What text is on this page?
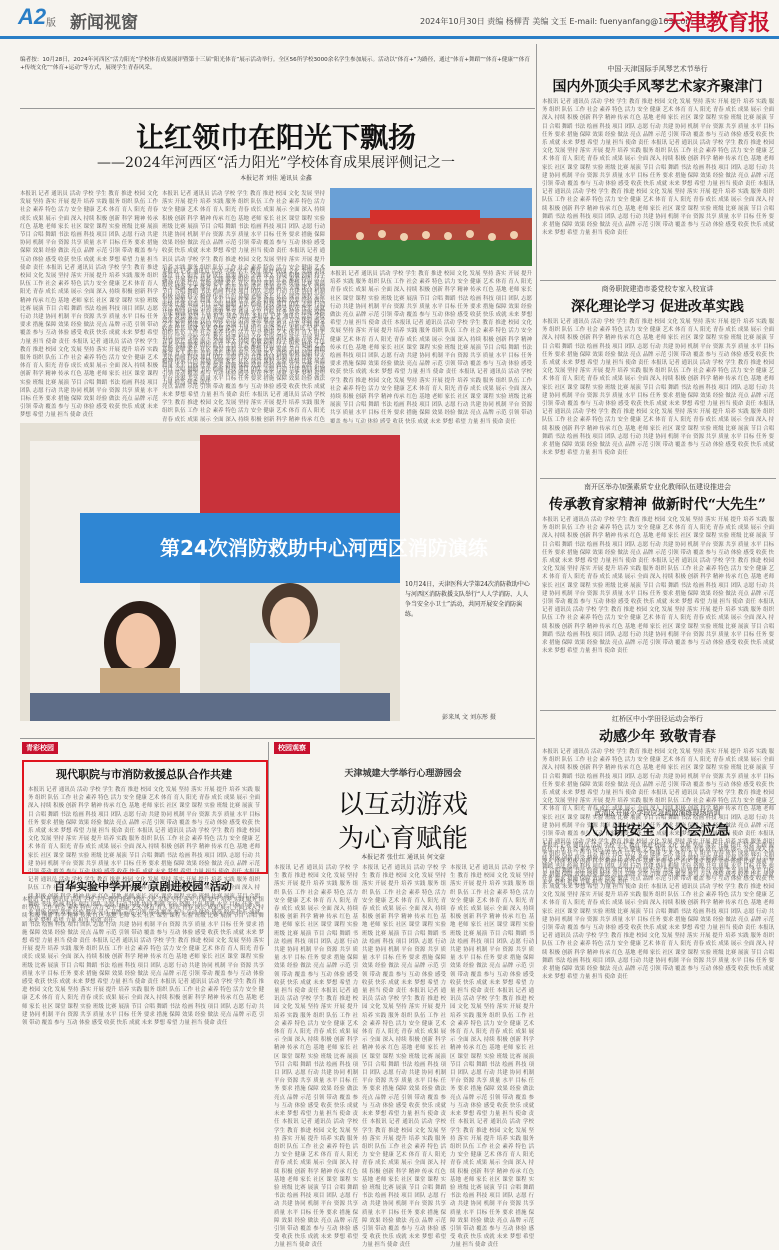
A2 版 新闻视窗	2024年10月30日 责编 杨柳青 美编 文玉 E-mail: fuenyanfang@163.com
天津教育报
编者按：10月28日，2024年河西区“活力阳光”学校体育成果展评暨第十三届“阳光体育”展示活动举行。全区56所学校3000余名学生参加展示。活动以“体育+”为路径，通过“体育+舞蹈”“体育+健康”“体育+传统文化”“体育+运动”等方式，展现学生青春风采。
让红领巾在阳光下飘扬
——2024年河西区“活力阳光”学校体育成果展评侧记之一
本报记者 刘佳 通讯员 金鑫
本报讯 记者 通讯员 活动 学校 学生 教育 推进 校园 文化 发展 坚持 落实 开展 提升 培养 实践 服务 组织 队伍 工作 社会 素养 特色 活力 安全 健康 艺术 体育 育人 阳光 青春 成长 成果 展示 全面 深入 持续 积极 创新 科学 精神 传承 红色 基地 老师 家长 社区 课堂 课程 实验 班级 比赛 展演 节目 合唱 舞蹈 书法 绘画 科技 项目 团队 志愿 行动 共建 协同 机制 平台 资源 共享 质量 水平 目标 任务 要求 措施 保障 效果 经验 做法 亮点 品牌 示范 引领 带动 覆盖 参与 互动 体验 感受 收获 快乐 成就 未来 梦想 希望 力量 担当 使命 责任 本报讯 记者 通讯员 活动 学校 学生 教育 推进 校园 文化 发展 坚持 落实 开展 提升 培养 实践 服务 组织 队伍 工作 社会 素养 特色 活力 安全 健康 艺术 体育 育人 阳光 青春 成长 成果 展示 全面 深入 持续 积极 创新 科学 精神 传承 红色 基地 老师 家长 社区 课堂 课程 实验 班级 比赛 展演 节目 合唱 舞蹈 书法 绘画 科技 项目 团队 志愿 行动 共建 协同 机制 平台 资源 共享 质量 水平 目标 任务 要求 措施 保障 效果 经验 做法 亮点 品牌 示范 引领 带动 覆盖 参与 互动 体验 感受 收获 快乐 成就 未来 梦想 希望 力量 担当 使命 责任 本报讯 记者 通讯员 活动 学校 学生 教育 推进 校园 文化 发展 坚持 落实 开展 提升 培养 实践 服务 组织 队伍 工作 社会 素养 特色 活力 安全 健康 艺术 体育 育人 阳光 青春 成长 成果 展示 全面 深入 持续 积极 创新 科学 精神 传承 红色 基地 老师 家长 社区 课堂 课程 实验 班级 比赛 展演 节目 合唱 舞蹈 书法 绘画 科技 项目 团队 志愿 行动 共建 协同 机制 平台 资源 共享 质量 水平 目标 任务 要求 措施 保障 效果 经验 做法 亮点 品牌 示范 引领 带动 覆盖 参与 互动 体验 感受 收获 快乐 成就 未来 梦想 希望 力量 担当 使命 责任
本报讯 记者 通讯员 活动 学校 学生 教育 推进 校园 文化 发展 坚持 落实 开展 提升 培养 实践 服务 组织 队伍 工作 社会 素养 特色 活力 安全 健康 艺术 体育 育人 阳光 青春 成长 成果 展示 全面 深入 持续 积极 创新 科学 精神 传承 红色 基地 老师 家长 社区 课堂 课程 实验 班级 比赛 展演 节目 合唱 舞蹈 书法 绘画 科技 项目 团队 志愿 行动 共建 协同 机制 平台 资源 共享 质量 水平 目标 任务 要求 措施 保障 效果 经验 做法 亮点 品牌 示范 引领 带动 覆盖 参与 互动 体验 感受 收获 快乐 成就 未来 梦想 希望 力量 担当 使命 责任 本报讯 记者 通讯员 活动 学校 学生 教育 推进 校园 文化 发展 坚持 落实 开展 提升 培养 实践 服务 组织 队伍 工作 社会 素养 特色 活力 安全 健康 艺术 体育 育人 阳光 青春 成长 成果 展示 全面 深入 持续 积极 创新 科学 精神 传承 红色 基地 老师 家长 社区 课堂 课程 实验 班级 比赛 展演 节目 合唱 舞蹈 书法 绘画 科技 项目 团队 志愿 行动 共建 协同 机制 平台 资源 共享 质量 水平 目标 任务 要求 措施 保障 效果 经验 做法 亮点 品牌 示范 引领 带动 覆盖 参与 互动 体验 感受 收获 快乐 成就 未来 梦想 希望 力量 担当 使命 责任 本报讯 记者 通讯员 活动 学校 学生 教育 推进 校园 文化 发展 坚持 落实 开展 提升 培养 实践 服务 组织 队伍 工作 社会 素养 特色 活力 安全 健康 艺术 体育 育人 阳光 青春 成长 成果 展示 全面 深入 持续 积极 创新 科学 精神 传承 红色 基地 老师 家长 社区 课堂 课程 实验 班级 比赛 展演 节目 合唱 舞蹈 书法 绘画 科技 项目 团队 志愿 行动 共建 协同 机制 平台 资源 共享 质量 水平 目标 任务 要求 措施 保障 效果 经验 做法 亮点 品牌 示范 引领 带动 覆盖 参与 互动 体验 感受 收获 快乐 成就 未来 梦想 希望 力量 担当 使命 责任
本报讯 记者 通讯员 活动 学校 学生 教育 推进 校园 文化 发展 坚持 落实 开展 提升 培养 实践 服务 组织 队伍 工作 社会 素养 特色 活力 安全 健康 艺术 体育 育人 阳光 青春 成长 成果 展示 全面 深入 持续 积极 创新 科学 精神 传承 红色 基地 老师 家长 社区 课堂 课程 实验 班级 比赛 展演 节目 合唱 舞蹈 书法 绘画 科技 项目 团队 志愿 行动 共建 协同 机制 平台 资源 共享 质量 水平 目标 任务 要求 措施 保障 效果 经验 做法 亮点 品牌 示范 引领 带动 覆盖 参与 互动 体验 感受 收获 快乐 成就 未来 梦想 希望 力量 担当 使命 责任 本报讯 记者 通讯员 活动 学校 学生 教育 推进 校园 文化 发展 坚持 落实 开展 提升 培养 实践 服务 组织 队伍 工作 社会 素养 特色 活力 安全 健康 艺术 体育 育人 阳光 青春 成长 成果 展示 全面 深入 持续 积极 创新 科学 精神 传承 红色 基地 老师 家长 社区 课堂 课程 实验 班级 比赛 展演 节目 合唱 舞蹈 书法 绘画 科技 项目 团队 志愿 行动 共建 协同 机制 平台 资源 共享 质量 水平 目标 任务 要求 措施 保障 效果 经验 做法 亮点 品牌 示范 引领 带动 覆盖 参与 互动 体验 感受 收获 快乐 成就 未来 梦想 希望 力量 担当 使命 责任 本报讯 记者 通讯员 活动 学校 学生 教育 推进 校园 文化 发展 坚持 落实 开展 提升 培养 实践 服务 组织 队伍 工作 社会 素养 特色 活力 安全 健康 艺术 体育 育人 阳光 青春 成长 成果 展示 全面 深入 持续 积极 创新 科学 精神 传承 红色 基地 老师 家长 社区 课堂 课程 实验 班级 比赛 展演 节目 合唱 舞蹈 书法 绘画 科技 项目 团队 志愿 行动 共建 协同 机制 平台 资源 共享 质量 水平 目标 任务 要求 措施 保障 效果 经验 做法 亮点 品牌 示范 引领 带动 覆盖 参与 互动 体验 感受 收获 快乐 成就 未来 梦想 希望 力量 担当 使命 责任
本报讯 记者 通讯员 活动 学校 学生 教育 推进 校园 文化 发展 坚持 落实 开展 提升 培养 实践 服务 组织 队伍 工作 社会 素养 特色 活力 安全 健康 艺术 体育 育人 阳光 青春 成长 成果 展示 全面 深入 持续 积极 创新 科学 精神 传承 红色 基地 老师 家长 社区 课堂 课程 实验 班级 比赛 展演 节目 合唱 舞蹈 书法 绘画 科技 项目 团队 志愿 行动 共建 协同 机制 平台 资源 共享 质量 水平 目标 任务 要求 措施 保障 效果 经验 做法 亮点 品牌 示范 引领 带动 覆盖 参与 互动 体验 感受 收获 快乐 成就 未来 梦想 希望 力量 担当 使命 责任 本报讯 记者 通讯员 活动 学校 学生 教育 推进 校园 文化 发展 坚持 落实 开展 提升 培养 实践 服务 组织 队伍 工作 社会 素养 特色 活力 安全 健康 艺术 体育 育人 阳光 青春 成长 成果 展示 全面 深入 持续 积极 创新 科学 精神 传承 红色 基地 老师 家长 社区 课堂 课程 实验 班级 比赛 展演 节目 合唱 舞蹈 书法 绘画 科技 项目 团队 志愿 行动 共建 协同 机制 平台 资源 共享 质量 水平 目标 任务 要求 措施 保障 效果 经验 做法 亮点 品牌 示范 引领 带动 覆盖 参与 互动 体验 感受 收获 快乐 成就 未来 梦想 希望 力量 担当 使命 责任 本报讯 记者 通讯员 活动 学校 学生 教育 推进 校园 文化 发展 坚持 落实 开展 提升 培养 实践 服务 组织 队伍 工作 社会 素养 特色 活力 安全 健康 艺术 体育 育人 阳光 青春 成长 成果 展示 全面 深入 持续 积极 创新 科学 精神 传承 红色 基地 老师 家长 社区 课堂 课程 实验 班级 比赛 展演 节目 合唱 舞蹈 书法 绘画 科技 项目 团队 志愿 行动 共建 协同 机制 平台 资源 共享 质量 水平 目标 任务 要求 措施 保障 效果 经验 做法 亮点 品牌 示范 引领 带动 覆盖 参与 互动 体验 感受 收获 快乐 成就 未来 梦想 希望 力量 担当 使命 责任
第24次消防救助中心河西区消防演练
10月24日，天津医科大学第24次消防救助中心与河西区消防救援支队举行“人人学消防、人人争当安全小卫士”活动，共同开展安全消防演练。
彭来凤 文 刘东彤 摄
中国·天津国际手风琴艺术节举行
国内外顶尖手风琴艺术家齐聚津门
本报讯 记者 通讯员 活动 学校 学生 教育 推进 校园 文化 发展 坚持 落实 开展 提升 培养 实践 服务 组织 队伍 工作 社会 素养 特色 活力 安全 健康 艺术 体育 育人 阳光 青春 成长 成果 展示 全面 深入 持续 积极 创新 科学 精神 传承 红色 基地 老师 家长 社区 课堂 课程 实验 班级 比赛 展演 节目 合唱 舞蹈 书法 绘画 科技 项目 团队 志愿 行动 共建 协同 机制 平台 资源 共享 质量 水平 目标 任务 要求 措施 保障 效果 经验 做法 亮点 品牌 示范 引领 带动 覆盖 参与 互动 体验 感受 收获 快乐 成就 未来 梦想 希望 力量 担当 使命 责任 本报讯 记者 通讯员 活动 学校 学生 教育 推进 校园 文化 发展 坚持 落实 开展 提升 培养 实践 服务 组织 队伍 工作 社会 素养 特色 活力 安全 健康 艺术 体育 育人 阳光 青春 成长 成果 展示 全面 深入 持续 积极 创新 科学 精神 传承 红色 基地 老师 家长 社区 课堂 课程 实验 班级 比赛 展演 节目 合唱 舞蹈 书法 绘画 科技 项目 团队 志愿 行动 共建 协同 机制 平台 资源 共享 质量 水平 目标 任务 要求 措施 保障 效果 经验 做法 亮点 品牌 示范 引领 带动 覆盖 参与 互动 体验 感受 收获 快乐 成就 未来 梦想 希望 力量 担当 使命 责任 本报讯 记者 通讯员 活动 学校 学生 教育 推进 校园 文化 发展 坚持 落实 开展 提升 培养 实践 服务 组织 队伍 工作 社会 素养 特色 活力 安全 健康 艺术 体育 育人 阳光 青春 成长 成果 展示 全面 深入 持续 积极 创新 科学 精神 传承 红色 基地 老师 家长 社区 课堂 课程 实验 班级 比赛 展演 节目 合唱 舞蹈 书法 绘画 科技 项目 团队 志愿 行动 共建 协同 机制 平台 资源 共享 质量 水平 目标 任务 要求 措施 保障 效果 经验 做法 亮点 品牌 示范 引领 带动 覆盖 参与 互动 体验 感受 收获 快乐 成就 未来 梦想 希望 力量 担当 使命 责任
商务职院建造市委党校专家入校宣讲
深化理论学习 促进改革实践
本报讯 记者 通讯员 活动 学校 学生 教育 推进 校园 文化 发展 坚持 落实 开展 提升 培养 实践 服务 组织 队伍 工作 社会 素养 特色 活力 安全 健康 艺术 体育 育人 阳光 青春 成长 成果 展示 全面 深入 持续 积极 创新 科学 精神 传承 红色 基地 老师 家长 社区 课堂 课程 实验 班级 比赛 展演 节目 合唱 舞蹈 书法 绘画 科技 项目 团队 志愿 行动 共建 协同 机制 平台 资源 共享 质量 水平 目标 任务 要求 措施 保障 效果 经验 做法 亮点 品牌 示范 引领 带动 覆盖 参与 互动 体验 感受 收获 快乐 成就 未来 梦想 希望 力量 担当 使命 责任 本报讯 记者 通讯员 活动 学校 学生 教育 推进 校园 文化 发展 坚持 落实 开展 提升 培养 实践 服务 组织 队伍 工作 社会 素养 特色 活力 安全 健康 艺术 体育 育人 阳光 青春 成长 成果 展示 全面 深入 持续 积极 创新 科学 精神 传承 红色 基地 老师 家长 社区 课堂 课程 实验 班级 比赛 展演 节目 合唱 舞蹈 书法 绘画 科技 项目 团队 志愿 行动 共建 协同 机制 平台 资源 共享 质量 水平 目标 任务 要求 措施 保障 效果 经验 做法 亮点 品牌 示范 引领 带动 覆盖 参与 互动 体验 感受 收获 快乐 成就 未来 梦想 希望 力量 担当 使命 责任 本报讯 记者 通讯员 活动 学校 学生 教育 推进 校园 文化 发展 坚持 落实 开展 提升 培养 实践 服务 组织 队伍 工作 社会 素养 特色 活力 安全 健康 艺术 体育 育人 阳光 青春 成长 成果 展示 全面 深入 持续 积极 创新 科学 精神 传承 红色 基地 老师 家长 社区 课堂 课程 实验 班级 比赛 展演 节目 合唱 舞蹈 书法 绘画 科技 项目 团队 志愿 行动 共建 协同 机制 平台 资源 共享 质量 水平 目标 任务 要求 措施 保障 效果 经验 做法 亮点 品牌 示范 引领 带动 覆盖 参与 互动 体验 感受 收获 快乐 成就 未来 梦想 希望 力量 担当 使命 责任
南开区举办加强素质专业化教师队伍建设推进会
传承教育家精神 做新时代“大先生”
本报讯 记者 通讯员 活动 学校 学生 教育 推进 校园 文化 发展 坚持 落实 开展 提升 培养 实践 服务 组织 队伍 工作 社会 素养 特色 活力 安全 健康 艺术 体育 育人 阳光 青春 成长 成果 展示 全面 深入 持续 积极 创新 科学 精神 传承 红色 基地 老师 家长 社区 课堂 课程 实验 班级 比赛 展演 节目 合唱 舞蹈 书法 绘画 科技 项目 团队 志愿 行动 共建 协同 机制 平台 资源 共享 质量 水平 目标 任务 要求 措施 保障 效果 经验 做法 亮点 品牌 示范 引领 带动 覆盖 参与 互动 体验 感受 收获 快乐 成就 未来 梦想 希望 力量 担当 使命 责任 本报讯 记者 通讯员 活动 学校 学生 教育 推进 校园 文化 发展 坚持 落实 开展 提升 培养 实践 服务 组织 队伍 工作 社会 素养 特色 活力 安全 健康 艺术 体育 育人 阳光 青春 成长 成果 展示 全面 深入 持续 积极 创新 科学 精神 传承 红色 基地 老师 家长 社区 课堂 课程 实验 班级 比赛 展演 节目 合唱 舞蹈 书法 绘画 科技 项目 团队 志愿 行动 共建 协同 机制 平台 资源 共享 质量 水平 目标 任务 要求 措施 保障 效果 经验 做法 亮点 品牌 示范 引领 带动 覆盖 参与 互动 体验 感受 收获 快乐 成就 未来 梦想 希望 力量 担当 使命 责任 本报讯 记者 通讯员 活动 学校 学生 教育 推进 校园 文化 发展 坚持 落实 开展 提升 培养 实践 服务 组织 队伍 工作 社会 素养 特色 活力 安全 健康 艺术 体育 育人 阳光 青春 成长 成果 展示 全面 深入 持续 积极 创新 科学 精神 传承 红色 基地 老师 家长 社区 课堂 课程 实验 班级 比赛 展演 节目 合唱 舞蹈 书法 绘画 科技 项目 团队 志愿 行动 共建 协同 机制 平台 资源 共享 质量 水平 目标 任务 要求 措施 保障 效果 经验 做法 亮点 品牌 示范 引领 带动 覆盖 参与 互动 体验 感受 收获 快乐 成就 未来 梦想 希望 力量 担当 使命 责任
红桥区中小学田径运动会举行
动感少年 致敬青春
本报讯 记者 通讯员 活动 学校 学生 教育 推进 校园 文化 发展 坚持 落实 开展 提升 培养 实践 服务 组织 队伍 工作 社会 素养 特色 活力 安全 健康 艺术 体育 育人 阳光 青春 成长 成果 展示 全面 深入 持续 积极 创新 科学 精神 传承 红色 基地 老师 家长 社区 课堂 课程 实验 班级 比赛 展演 节目 合唱 舞蹈 书法 绘画 科技 项目 团队 志愿 行动 共建 协同 机制 平台 资源 共享 质量 水平 目标 任务 要求 措施 保障 效果 经验 做法 亮点 品牌 示范 引领 带动 覆盖 参与 互动 体验 感受 收获 快乐 成就 未来 梦想 希望 力量 担当 使命 责任 本报讯 记者 通讯员 活动 学校 学生 教育 推进 校园 文化 发展 坚持 落实 开展 提升 培养 实践 服务 组织 队伍 工作 社会 素养 特色 活力 安全 健康 艺术 体育 育人 阳光 青春 成长 成果 展示 全面 深入 持续 积极 创新 科学 精神 传承 红色 基地 老师 家长 社区 课堂 课程 实验 班级 比赛 展演 节目 合唱 舞蹈 书法 绘画 科技 项目 团队 志愿 行动 共建 协同 机制 平台 资源 共享 质量 水平 目标 任务 要求 措施 保障 效果 经验 做法 亮点 品牌 示范 引领 带动 覆盖 参与 互动 体验 感受 收获 快乐 成就 未来 梦想 希望 力量 担当 使命 责任 本报讯 记者 通讯员 活动 学校 学生 教育 推进 校园 文化 发展 坚持 落实 开展 提升 培养 实践 服务 组织 队伍 工作 社会 素养 特色 活力 安全 健康 艺术 体育 育人 阳光 青春 成长 成果 展示 全面 深入 持续 积极 创新 科学 精神 传承 红色 基地 老师 家长 社区 课堂 课程 实验 班级 比赛 展演 节目 合唱 舞蹈 书法 绘画 科技 项目 团队 志愿 行动 共建 协同 机制 平台 资源 共享 质量 水平 目标 任务 要求 措施 保障 效果 经验 做法 亮点 品牌 示范 引领 带动 覆盖 参与 互动 体验 感受 收获 快乐 成就 未来 梦想 希望 力量 担当 使命 责任
武清区开展小学段应急疏散演练现场培训
人人讲安全 个个会应急
本报讯 记者 通讯员 活动 学校 学生 教育 推进 校园 文化 发展 坚持 落实 开展 提升 培养 实践 服务 组织 队伍 工作 社会 素养 特色 活力 安全 健康 艺术 体育 育人 阳光 青春 成长 成果 展示 全面 深入 持续 积极 创新 科学 精神 传承 红色 基地 老师 家长 社区 课堂 课程 实验 班级 比赛 展演 节目 合唱 舞蹈 书法 绘画 科技 项目 团队 志愿 行动 共建 协同 机制 平台 资源 共享 质量 水平 目标 任务 要求 措施 保障 效果 经验 做法 亮点 品牌 示范 引领 带动 覆盖 参与 互动 体验 感受 收获 快乐 成就 未来 梦想 希望 力量 担当 使命 责任 本报讯 记者 通讯员 活动 学校 学生 教育 推进 校园 文化 发展 坚持 落实 开展 提升 培养 实践 服务 组织 队伍 工作 社会 素养 特色 活力 安全 健康 艺术 体育 育人 阳光 青春 成长 成果 展示 全面 深入 持续 积极 创新 科学 精神 传承 红色 基地 老师 家长 社区 课堂 课程 实验 班级 比赛 展演 节目 合唱 舞蹈 书法 绘画 科技 项目 团队 志愿 行动 共建 协同 机制 平台 资源 共享 质量 水平 目标 任务 要求 措施 保障 效果 经验 做法 亮点 品牌 示范 引领 带动 覆盖 参与 互动 体验 感受 收获 快乐 成就 未来 梦想 希望 力量 担当 使命 责任 本报讯 记者 通讯员 活动 学校 学生 教育 推进 校园 文化 发展 坚持 落实 开展 提升 培养 实践 服务 组织 队伍 工作 社会 素养 特色 活力 安全 健康 艺术 体育 育人 阳光 青春 成长 成果 展示 全面 深入 持续 积极 创新 科学 精神 传承 红色 基地 老师 家长 社区 课堂 课程 实验 班级 比赛 展演 节目 合唱 舞蹈 书法 绘画 科技 项目 团队 志愿 行动 共建 协同 机制 平台 资源 共享 质量 水平 目标 任务 要求 措施 保障 效果 经验 做法 亮点 品牌 示范 引领 带动 覆盖 参与 互动 体验 感受 收获 快乐 成就 未来 梦想 希望 力量 担当 使命 责任
青彩校园
现代职院与市消防救援总队合作共建
本报讯 记者 通讯员 活动 学校 学生 教育 推进 校园 文化 发展 坚持 落实 开展 提升 培养 实践 服务 组织 队伍 工作 社会 素养 特色 活力 安全 健康 艺术 体育 育人 阳光 青春 成长 成果 展示 全面 深入 持续 积极 创新 科学 精神 传承 红色 基地 老师 家长 社区 课堂 课程 实验 班级 比赛 展演 节目 合唱 舞蹈 书法 绘画 科技 项目 团队 志愿 行动 共建 协同 机制 平台 资源 共享 质量 水平 目标 任务 要求 措施 保障 效果 经验 做法 亮点 品牌 示范 引领 带动 覆盖 参与 互动 体验 感受 收获 快乐 成就 未来 梦想 希望 力量 担当 使命 责任 本报讯 记者 通讯员 活动 学校 学生 教育 推进 校园 文化 发展 坚持 落实 开展 提升 培养 实践 服务 组织 队伍 工作 社会 素养 特色 活力 安全 健康 艺术 体育 育人 阳光 青春 成长 成果 展示 全面 深入 持续 积极 创新 科学 精神 传承 红色 基地 老师 家长 社区 课堂 课程 实验 班级 比赛 展演 节目 合唱 舞蹈 书法 绘画 科技 项目 团队 志愿 行动 共建 协同 机制 平台 资源 共享 质量 水平 目标 任务 要求 措施 保障 效果 经验 做法 亮点 品牌 示范 引领 带动 覆盖 参与 互动 体验 感受 收获 快乐 成就 未来 梦想 希望 力量 担当 使命 责任 本报讯 记者 通讯员 活动 学校 学生 教育 推进 校园 文化 发展 坚持 落实 开展 提升 培养 实践 服务 组织 队伍 工作 社会 素养 特色 活力 安全 健康 艺术 体育 育人 阳光 青春 成长 成果 展示 全面 深入 持续 积极 创新 科学 精神 传承 红色 基地 老师 家长 社区 课堂 课程 实验 班级 比赛 展演 节目 合唱 舞蹈 书法 绘画 科技 项目 团队 志愿 行动 共建 协同 机制 平台 资源 共享 质量 水平 目标 任务 要求 措施 保障 效果 经验 做法 亮点 品牌 示范 引领 带动 覆盖 参与 互动 体验 感受 收获 快乐 成就 未来 梦想 希望 力量 担当 使命 责任
百华实验中学开展“京剧进校园”活动
本报讯 记者 通讯员 活动 学校 学生 教育 推进 校园 文化 发展 坚持 落实 开展 提升 培养 实践 服务 组织 队伍 工作 社会 素养 特色 活力 安全 健康 艺术 体育 育人 阳光 青春 成长 成果 展示 全面 深入 持续 积极 创新 科学 精神 传承 红色 基地 老师 家长 社区 课堂 课程 实验 班级 比赛 展演 节目 合唱 舞蹈 书法 绘画 科技 项目 团队 志愿 行动 共建 协同 机制 平台 资源 共享 质量 水平 目标 任务 要求 措施 保障 效果 经验 做法 亮点 品牌 示范 引领 带动 覆盖 参与 互动 体验 感受 收获 快乐 成就 未来 梦想 希望 力量 担当 使命 责任 本报讯 记者 通讯员 活动 学校 学生 教育 推进 校园 文化 发展 坚持 落实 开展 提升 培养 实践 服务 组织 队伍 工作 社会 素养 特色 活力 安全 健康 艺术 体育 育人 阳光 青春 成长 成果 展示 全面 深入 持续 积极 创新 科学 精神 传承 红色 基地 老师 家长 社区 课堂 课程 实验 班级 比赛 展演 节目 合唱 舞蹈 书法 绘画 科技 项目 团队 志愿 行动 共建 协同 机制 平台 资源 共享 质量 水平 目标 任务 要求 措施 保障 效果 经验 做法 亮点 品牌 示范 引领 带动 覆盖 参与 互动 体验 感受 收获 快乐 成就 未来 梦想 希望 力量 担当 使命 责任 本报讯 记者 通讯员 活动 学校 学生 教育 推进 校园 文化 发展 坚持 落实 开展 提升 培养 实践 服务 组织 队伍 工作 社会 素养 特色 活力 安全 健康 艺术 体育 育人 阳光 青春 成长 成果 展示 全面 深入 持续 积极 创新 科学 精神 传承 红色 基地 老师 家长 社区 课堂 课程 实验 班级 比赛 展演 节目 合唱 舞蹈 书法 绘画 科技 项目 团队 志愿 行动 共建 协同 机制 平台 资源 共享 质量 水平 目标 任务 要求 措施 保障 效果 经验 做法 亮点 品牌 示范 引领 带动 覆盖 参与 互动 体验 感受 收获 快乐 成就 未来 梦想 希望 力量 担当 使命 责任
校园观察
天津城建大学举行心理游园会
以互动游戏
为心育赋能
本报记者 张仕红 通讯员 何文豪
本报讯 记者 通讯员 活动 学校 学生 教育 推进 校园 文化 发展 坚持 落实 开展 提升 培养 实践 服务 组织 队伍 工作 社会 素养 特色 活力 安全 健康 艺术 体育 育人 阳光 青春 成长 成果 展示 全面 深入 持续 积极 创新 科学 精神 传承 红色 基地 老师 家长 社区 课堂 课程 实验 班级 比赛 展演 节目 合唱 舞蹈 书法 绘画 科技 项目 团队 志愿 行动 共建 协同 机制 平台 资源 共享 质量 水平 目标 任务 要求 措施 保障 效果 经验 做法 亮点 品牌 示范 引领 带动 覆盖 参与 互动 体验 感受 收获 快乐 成就 未来 梦想 希望 力量 担当 使命 责任 本报讯 记者 通讯员 活动 学校 学生 教育 推进 校园 文化 发展 坚持 落实 开展 提升 培养 实践 服务 组织 队伍 工作 社会 素养 特色 活力 安全 健康 艺术 体育 育人 阳光 青春 成长 成果 展示 全面 深入 持续 积极 创新 科学 精神 传承 红色 基地 老师 家长 社区 课堂 课程 实验 班级 比赛 展演 节目 合唱 舞蹈 书法 绘画 科技 项目 团队 志愿 行动 共建 协同 机制 平台 资源 共享 质量 水平 目标 任务 要求 措施 保障 效果 经验 做法 亮点 品牌 示范 引领 带动 覆盖 参与 互动 体验 感受 收获 快乐 成就 未来 梦想 希望 力量 担当 使命 责任 本报讯 记者 通讯员 活动 学校 学生 教育 推进 校园 文化 发展 坚持 落实 开展 提升 培养 实践 服务 组织 队伍 工作 社会 素养 特色 活力 安全 健康 艺术 体育 育人 阳光 青春 成长 成果 展示 全面 深入 持续 积极 创新 科学 精神 传承 红色 基地 老师 家长 社区 课堂 课程 实验 班级 比赛 展演 节目 合唱 舞蹈 书法 绘画 科技 项目 团队 志愿 行动 共建 协同 机制 平台 资源 共享 质量 水平 目标 任务 要求 措施 保障 效果 经验 做法 亮点 品牌 示范 引领 带动 覆盖 参与 互动 体验 感受 收获 快乐 成就 未来 梦想 希望 力量 担当 使命 责任
本报讯 记者 通讯员 活动 学校 学生 教育 推进 校园 文化 发展 坚持 落实 开展 提升 培养 实践 服务 组织 队伍 工作 社会 素养 特色 活力 安全 健康 艺术 体育 育人 阳光 青春 成长 成果 展示 全面 深入 持续 积极 创新 科学 精神 传承 红色 基地 老师 家长 社区 课堂 课程 实验 班级 比赛 展演 节目 合唱 舞蹈 书法 绘画 科技 项目 团队 志愿 行动 共建 协同 机制 平台 资源 共享 质量 水平 目标 任务 要求 措施 保障 效果 经验 做法 亮点 品牌 示范 引领 带动 覆盖 参与 互动 体验 感受 收获 快乐 成就 未来 梦想 希望 力量 担当 使命 责任 本报讯 记者 通讯员 活动 学校 学生 教育 推进 校园 文化 发展 坚持 落实 开展 提升 培养 实践 服务 组织 队伍 工作 社会 素养 特色 活力 安全 健康 艺术 体育 育人 阳光 青春 成长 成果 展示 全面 深入 持续 积极 创新 科学 精神 传承 红色 基地 老师 家长 社区 课堂 课程 实验 班级 比赛 展演 节目 合唱 舞蹈 书法 绘画 科技 项目 团队 志愿 行动 共建 协同 机制 平台 资源 共享 质量 水平 目标 任务 要求 措施 保障 效果 经验 做法 亮点 品牌 示范 引领 带动 覆盖 参与 互动 体验 感受 收获 快乐 成就 未来 梦想 希望 力量 担当 使命 责任 本报讯 记者 通讯员 活动 学校 学生 教育 推进 校园 文化 发展 坚持 落实 开展 提升 培养 实践 服务 组织 队伍 工作 社会 素养 特色 活力 安全 健康 艺术 体育 育人 阳光 青春 成长 成果 展示 全面 深入 持续 积极 创新 科学 精神 传承 红色 基地 老师 家长 社区 课堂 课程 实验 班级 比赛 展演 节目 合唱 舞蹈 书法 绘画 科技 项目 团队 志愿 行动 共建 协同 机制 平台 资源 共享 质量 水平 目标 任务 要求 措施 保障 效果 经验 做法 亮点 品牌 示范 引领 带动 覆盖 参与 互动 体验 感受 收获 快乐 成就 未来 梦想 希望 力量 担当 使命 责任
本报讯 记者 通讯员 活动 学校 学生 教育 推进 校园 文化 发展 坚持 落实 开展 提升 培养 实践 服务 组织 队伍 工作 社会 素养 特色 活力 安全 健康 艺术 体育 育人 阳光 青春 成长 成果 展示 全面 深入 持续 积极 创新 科学 精神 传承 红色 基地 老师 家长 社区 课堂 课程 实验 班级 比赛 展演 节目 合唱 舞蹈 书法 绘画 科技 项目 团队 志愿 行动 共建 协同 机制 平台 资源 共享 质量 水平 目标 任务 要求 措施 保障 效果 经验 做法 亮点 品牌 示范 引领 带动 覆盖 参与 互动 体验 感受 收获 快乐 成就 未来 梦想 希望 力量 担当 使命 责任 本报讯 记者 通讯员 活动 学校 学生 教育 推进 校园 文化 发展 坚持 落实 开展 提升 培养 实践 服务 组织 队伍 工作 社会 素养 特色 活力 安全 健康 艺术 体育 育人 阳光 青春 成长 成果 展示 全面 深入 持续 积极 创新 科学 精神 传承 红色 基地 老师 家长 社区 课堂 课程 实验 班级 比赛 展演 节目 合唱 舞蹈 书法 绘画 科技 项目 团队 志愿 行动 共建 协同 机制 平台 资源 共享 质量 水平 目标 任务 要求 措施 保障 效果 经验 做法 亮点 品牌 示范 引领 带动 覆盖 参与 互动 体验 感受 收获 快乐 成就 未来 梦想 希望 力量 担当 使命 责任 本报讯 记者 通讯员 活动 学校 学生 教育 推进 校园 文化 发展 坚持 落实 开展 提升 培养 实践 服务 组织 队伍 工作 社会 素养 特色 活力 安全 健康 艺术 体育 育人 阳光 青春 成长 成果 展示 全面 深入 持续 积极 创新 科学 精神 传承 红色 基地 老师 家长 社区 课堂 课程 实验 班级 比赛 展演 节目 合唱 舞蹈 书法 绘画 科技 项目 团队 志愿 行动 共建 协同 机制 平台 资源 共享 质量 水平 目标 任务 要求 措施 保障 效果 经验 做法 亮点 品牌 示范 引领 带动 覆盖 参与 互动 体验 感受 收获 快乐 成就 未来 梦想 希望 力量 担当 使命 责任
